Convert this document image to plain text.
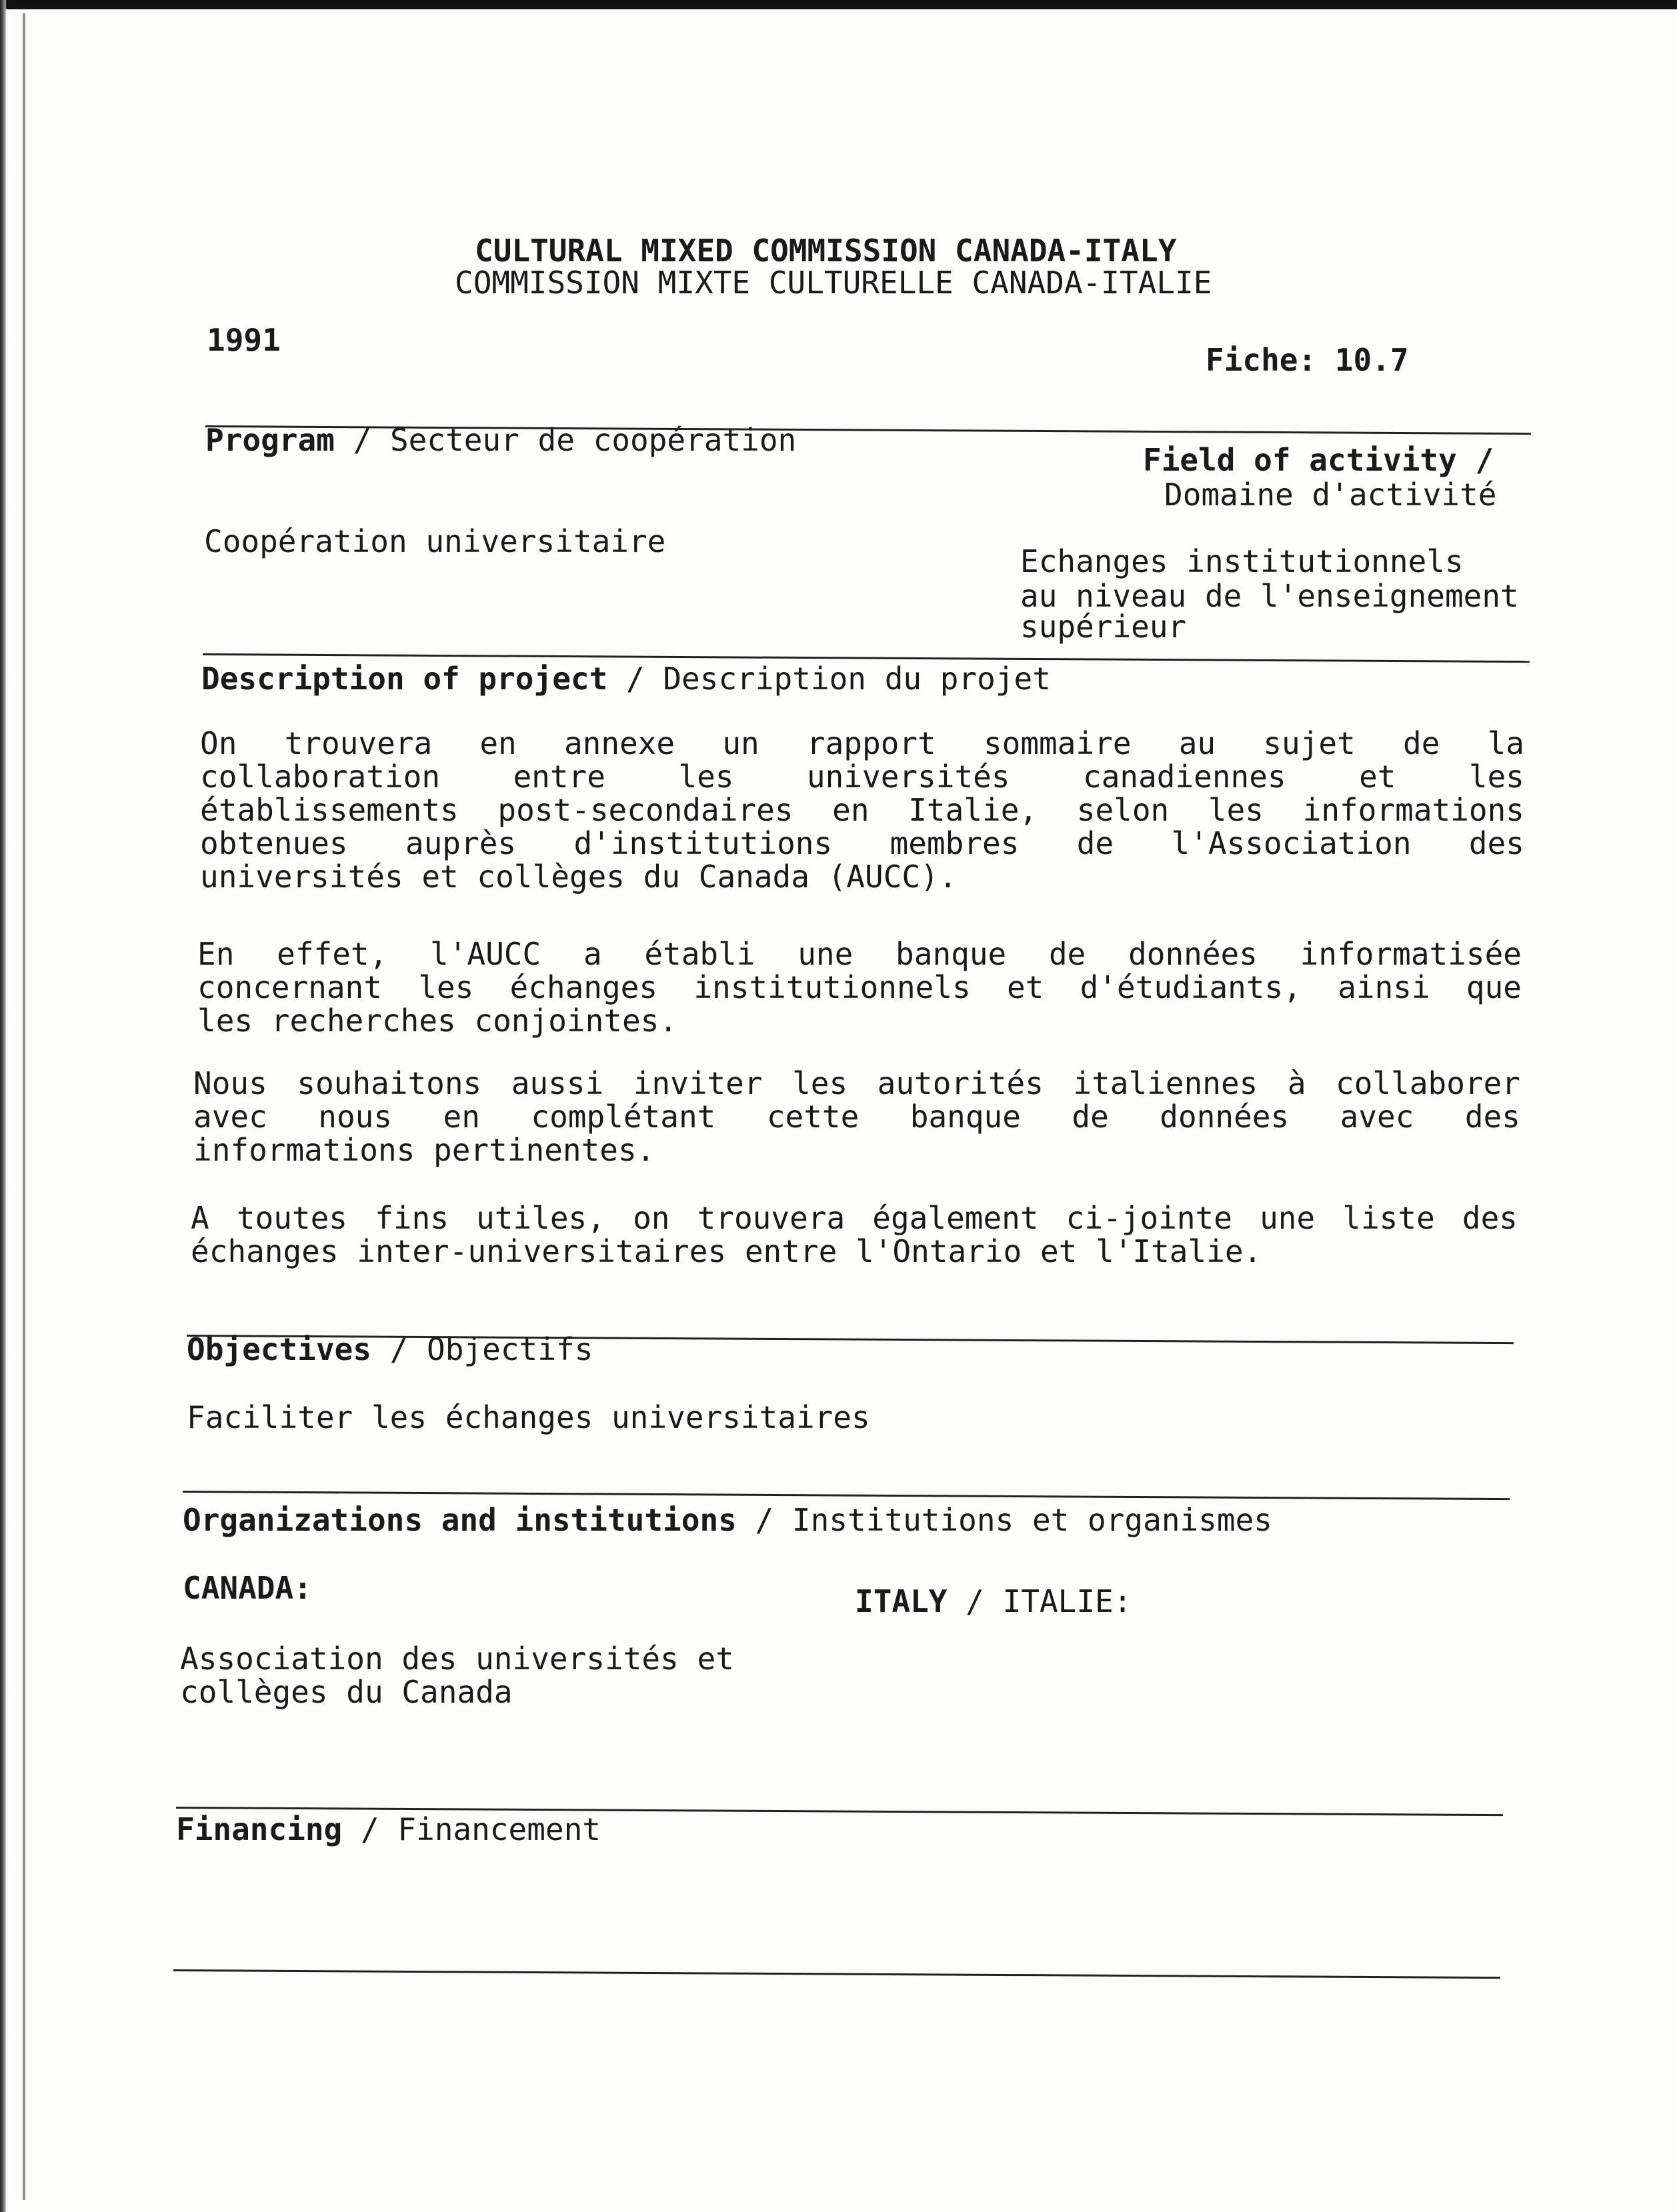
CULTURAL MIXED COMMISSION CANADA-ITALY
COMMISSION MIXTE CULTURELLE CANADA-ITALIE
1991
Fiche: 10.7
Program / Secteur de coopération
Coopération universitaire
Field of activity /
Domaine d'activité
Echanges institutionnels
au niveau de l'enseignement
supérieur
Description of project / Description du projet
On trouvera en annexe un rapport sommaire au sujet de la
collaboration entre les universités canadiennes et les
établissements post-secondaires en Italie, selon les informations
obtenues auprès d'institutions membres de l'Association des
universités et collèges du Canada (AUCC).
En effet, l'AUCC a établi une banque de données informatisée
concernant les échanges institutionnels et d'étudiants, ainsi que
les recherches conjointes.
Nous souhaitons aussi inviter les autorités italiennes à collaborer
avec nous en complétant cette banque de données avec des
informations pertinentes.
A toutes fins utiles, on trouvera également ci-jointe une liste des
échanges inter-universitaires entre l'Ontario et l'Italie.
Objectives / Objectifs
Faciliter les échanges universitaires
Organizations and institutions / Institutions et organismes
CANADA:	ITALY / ITALIE:
Association des universités et
collèges du Canada
Financing / Financement
